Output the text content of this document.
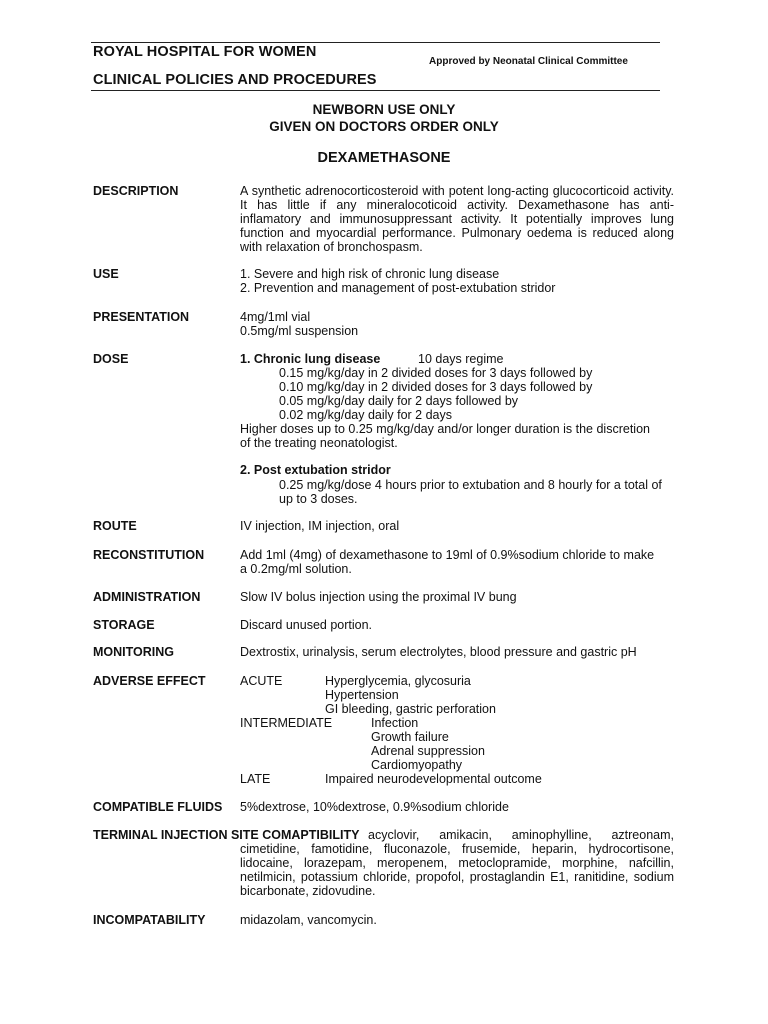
ROYAL HOSPITAL FOR WOMEN
Approved by Neonatal Clinical Committee
CLINICAL POLICIES AND PROCEDURES
NEWBORN USE ONLY
GIVEN ON DOCTORS ORDER ONLY
DEXAMETHASONE
DESCRIPTION	A synthetic adrenocorticosteroid with potent long-acting glucocorticoid activity. It has little if any mineralocoticoid activity. Dexamethasone has anti-inflamatory and immunosuppressant activity. It potentially improves lung function and myocardial performance. Pulmonary oedema is reduced along with relaxation of bronchospasm.
USE	1. Severe and high risk of chronic lung disease
2. Prevention and management of post-extubation stridor
PRESENTATION	4mg/1ml vial
0.5mg/ml suspension
DOSE	1. Chronic lung disease	10 days regime
0.15 mg/kg/day in 2 divided doses for 3 days followed by
0.10 mg/kg/day in 2 divided doses for 3 days followed by
0.05 mg/kg/day daily for 2 days followed by
0.02 mg/kg/day daily for 2 days
Higher doses up to 0.25 mg/kg/day and/or longer duration is the discretion
of the treating neonatologist.
2. Post extubation stridor
0.25 mg/kg/dose 4 hours prior to extubation and 8 hourly for a total of
up to 3 doses.
ROUTE	IV injection, IM injection, oral
RECONSTITUTION	Add 1ml (4mg) of dexamethasone to 19ml of 0.9%sodium chloride to make
a 0.2mg/ml solution.
ADMINISTRATION	Slow IV bolus injection using the proximal IV bung
STORAGE	Discard unused portion.
MONITORING	Dextrostix, urinalysis, serum electrolytes, blood pressure and gastric pH
ADVERSE EFFECT	ACUTE	Hyperglycemia, glycosuria
Hypertension
GI bleeding, gastric perforation
INTERMEDIATE	Infection
Growth failure
Adrenal suppression
Cardiomyopathy
LATE	Impaired neurodevelopmental outcome
COMPATIBLE FLUIDS 5%dextrose, 10%dextrose, 0.9%sodium chloride
TERMINAL INJECTION SITE COMAPTIBILITY acyclovir, amikacin, aminophylline, aztreonam,
cimetidine, famotidine, fluconazole, frusemide, heparin, hydrocortisone, lidocaine, lorazepam, meropenem, metoclopramide, morphine, nafcillin, netilmicin, potassium chloride, propofol, prostaglandin E1, ranitidine, sodium bicarbonate, zidovudine.
INCOMPATABILITY	midazolam, vancomycin.
